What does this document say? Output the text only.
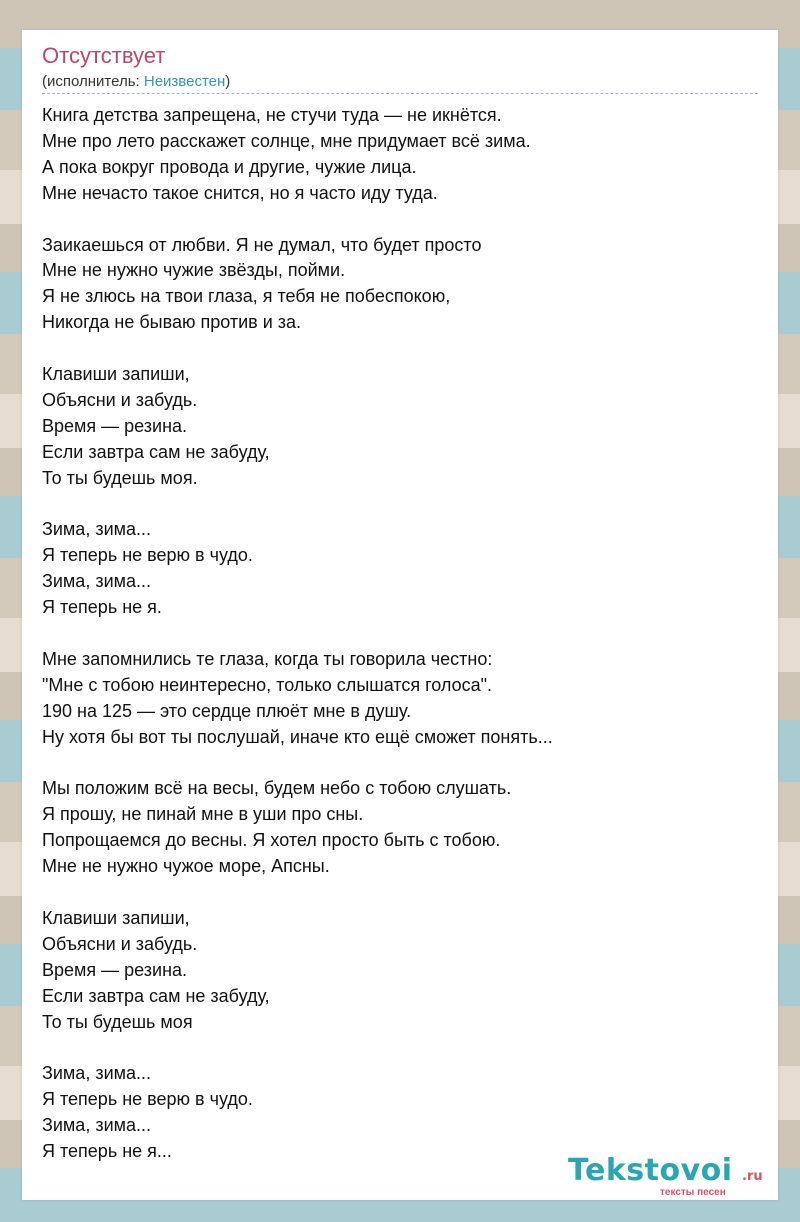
Отсутствует
(исполнитель: Неизвестен)
Книга детства запрещена, не стучи туда — не икнётся.
Мне про лето расскажет солнце, мне придумает всё зима.
А пока вокруг провода и другие, чужие лица.
Мне нечасто такое снится, но я часто иду туда.
Заикаешься от любви. Я не думал, что будет просто
Мне не нужно чужие звёзды, пойми.
Я не злюсь на твои глаза, я тебя не побеспокою,
Никогда не бываю против и за.
Клавиши запиши,
Объясни и забудь.
Время — резина.
Если завтра сам не забуду,
То ты будешь моя.
Зима, зима...
Я теперь не верю в чудо.
Зима, зима...
Я теперь не я.
Мне запомнились те глаза, когда ты говорила честно:
"Мне с тобою неинтересно, только слышатся голоса".
190 на 125 — это сердце плюёт мне в душу.
Ну хотя бы вот ты послушай, иначе кто ещё сможет понять...
Мы положим всё на весы, будем небо с тобою слушать.
Я прошу, не пинай мне в уши про сны.
Попрощаемся до весны. Я хотел просто быть с тобою.
Мне не нужно чужое море, Апсны.
Клавиши запиши,
Объясни и забудь.
Время — резина.
Если завтра сам не забуду,
То ты будешь моя
Зима, зима...
Я теперь не верю в чудо.
Зима, зима...
Я теперь не я...
Tekstovoi .ru
тексты песен
